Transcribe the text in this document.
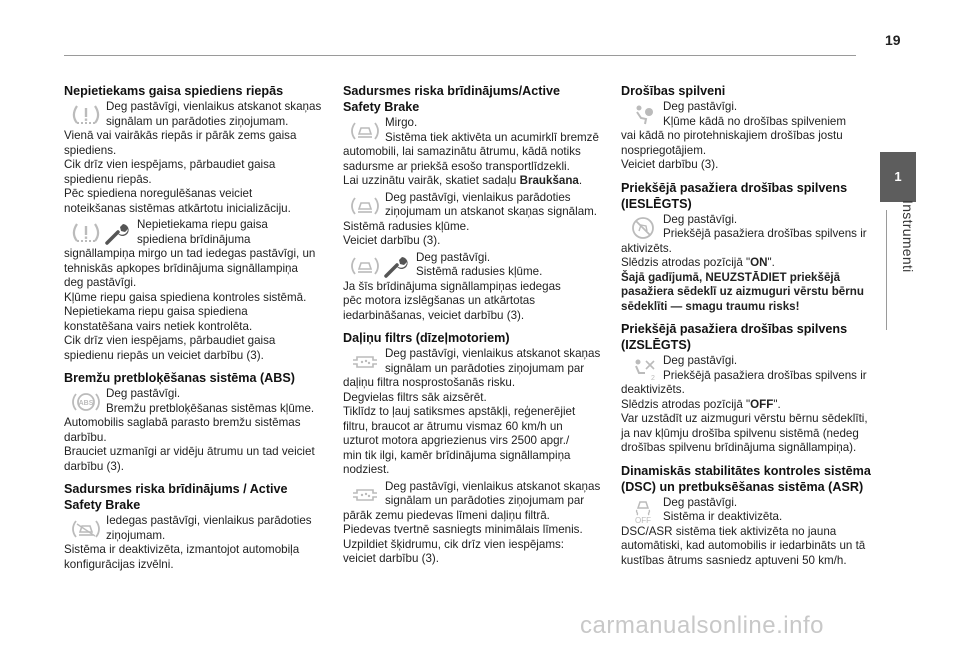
19
1
Instrumenti
Nepietiekams gaisa spiediens riepās
Deg pastāvīgi, vienlaikus atskanot skaņas
signālam un parādoties ziņojumam.
Vienā vai vairākās riepās ir pārāk zems gaisa
spiediens.
Cik drīz vien iespējams, pārbaudiet gaisa
spiedienu riepās.
Pēc spiediena noregulēšanas veiciet
noteikšanas sistēmas atkārtotu inicializāciju.
Nepietiekama riepu gaisa
spiediena brīdinājuma
signāllampiņa mirgo un tad iedegas pastāvīgi, un
tehniskās apkopes brīdinājuma signāllampiņa
deg pastāvīgi.
Kļūme riepu gaisa spiediena kontroles sistēmā.
Nepietiekama riepu gaisa spiediena
konstatēšana vairs netiek kontrolēta.
Cik drīz vien iespējams, pārbaudiet gaisa
spiedienu riepās un veiciet darbību (3).
Bremžu pretbloķēšanas sistēma (ABS)
ABS
Deg pastāvīgi.
Bremžu pretbloķēšanas sistēmas kļūme.
Automobilis saglabā parasto bremžu sistēmas
darbību.
Brauciet uzmanīgi ar vidēju ātrumu un tad veiciet
darbību (3).
Sadursmes riska brīdinājums / Active
Safety Brake
Iedegas pastāvīgi, vienlaikus parādoties
ziņojumam.
Sistēma ir deaktivizēta, izmantojot automobiļa
konfigurācijas izvēlni.
Sadursmes riska brīdinājums/Active
Safety Brake
Mirgo.
Sistēma tiek aktivēta un acumirklī bremzē
automobili, lai samazinātu ātrumu, kādā notiks
sadursme ar priekšā esošo transportlīdzekli.
Lai uzzinātu vairāk, skatiet sadaļu Braukšana.
Deg pastāvīgi, vienlaikus parādoties
ziņojumam un atskanot skaņas signālam.
Sistēmā radusies kļūme.
Veiciet darbību (3).
Deg pastāvīgi.
Sistēmā radusies kļūme.
Ja šīs brīdinājuma signāllampiņas iedegas
pēc motora izslēgšanas un atkārtotas
iedarbināšanas, veiciet darbību (3).
Daļiņu filtrs (dīzeļmotoriem)
Deg pastāvīgi, vienlaikus atskanot skaņas
signālam un parādoties ziņojumam par
daļiņu filtra nosprostošanās risku.
Degvielas filtrs sāk aizsērēt.
Tiklīdz to ļauj satiksmes apstākļi, reģenerējiet
filtru, braucot ar ātrumu vismaz 60 km/h un
uzturot motora apgriezienus virs 2500 apgr./
min tik ilgi, kamēr brīdinājuma signāllampiņa
nodziest.
Deg pastāvīgi, vienlaikus atskanot skaņas
signālam un parādoties ziņojumam par
pārāk zemu piedevas līmeni daļiņu filtrā.
Piedevas tvertnē sasniegts minimālais līmenis.
Uzpildiet šķidrumu, cik drīz vien iespējams:
veiciet darbību (3).
Drošības spilveni
Deg pastāvīgi.
Kļūme kādā no drošības spilveniem
vai kādā no pirotehniskajiem drošības jostu
nospriegotājiem.
Veiciet darbību (3).
Priekšējā pasažiera drošības spilvens
(IESLĒGTS)
Deg pastāvīgi.
Priekšējā pasažiera drošības spilvens ir
aktivizēts.
Slēdzis atrodas pozīcijā "ON".
Šajā gadījumā, NEUZSTĀDIET priekšējā
pasažiera sēdeklī uz aizmuguri vērstu bērnu
sēdeklīti — smagu traumu risks!
Priekšējā pasažiera drošības spilvens
(IZSLĒGTS)
2
Deg pastāvīgi.
Priekšējā pasažiera drošības spilvens ir
deaktivizēts.
Slēdzis atrodas pozīcijā "OFF".
Var uzstādīt uz aizmuguri vērstu bērnu sēdeklīti,
ja nav kļūmju drošība spilvenu sistēmā (nedeg
drošības spilvenu brīdinājuma signāllampiņa).
Dinamiskās stabilitātes kontroles sistēma
(DSC) un pretbuksēšanas sistēma (ASR)
OFF
Deg pastāvīgi.
Sistēma ir deaktivizēta.
DSC/ASR sistēma tiek aktivizēta no jauna
automātiski, kad automobilis ir iedarbināts un tā
kustības ātrums sasniedz aptuveni 50 km/h.
carmanualsonline.info
